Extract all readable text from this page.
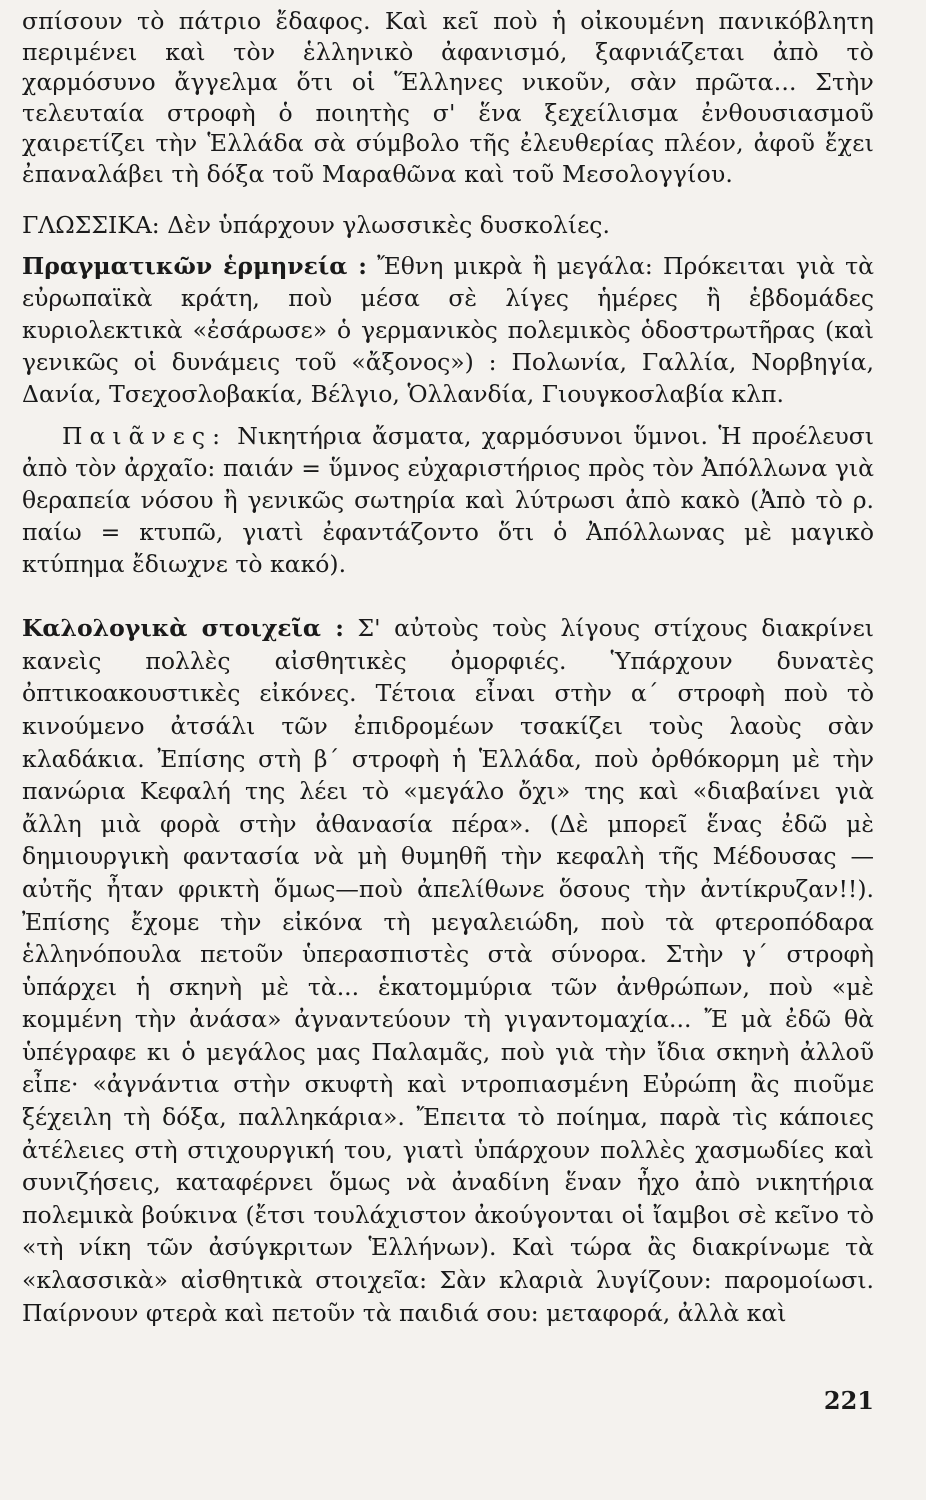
σπίσουν τὸ πάτριο ἔδαφος. Καὶ κεῖ ποὺ ἡ οἰκουμένη πανικόβλητη περιμένει καὶ τὸν ἑλληνικὸ ἀφανισμό, ξαφνιάζεται ἀπὸ τὸ χαρμόσυνο ἄγγελμα ὅτι οἱ Ἕλληνες νικοῦν, σὰν πρῶτα... Στὴν τελευταία στροφὴ ὁ ποιητὴς σ' ἕνα ξεχείλισμα ἐνθουσιασμοῦ χαιρετίζει τὴν Ἑλλάδα σὰ σύμβολο τῆς ἐλευθερίας πλέον, ἀφοῦ ἔχει ἐπαναλάβει τὴ δόξα τοῦ Μαραθῶνα καὶ τοῦ Μεσολογγίου.

ΓΛΩΣΣΙΚΑ: Δὲν ὑπάρχουν γλωσσικὲς δυσκολίες.

Πραγματικῶν ἑρμηνεία : Ἔθνη μικρὰ ἢ μεγάλα: Πρόκειται γιὰ τὰ εὐρωπαϊκὰ κράτη, ποὺ μέσα σὲ λίγες ἡμέρες ἢ ἑβδομάδες κυριολεκτικὰ «ἐσάρωσε» ὁ γερμανικὸς πολεμικὸς ὁδοστρωτῆρας (καὶ γενικῶς οἱ δυνάμεις τοῦ «ἄξονος») : Πολωνία, Γαλλία, Νορβηγία, Δανία, Τσεχοσλοβακία, Βέλγιο, Ὁλλανδία, Γιουγκοσλαβία κλπ.

Παιᾶνες: Νικητήρια ἄσματα, χαρμόσυνοι ὕμνοι. Ἡ προέλευσι ἀπὸ τὸν ἀρχαῖο: παιάν = ὕμνος εὐχαριστήριος πρὸς τὸν Ἀπόλλωνα γιὰ θεραπεία νόσου ἢ γενικῶς σωτηρία καὶ λύτρωσι ἀπὸ κακὸ (Ἀπὸ τὸ ρ. παίω = κτυπῶ, γιατὶ ἐφαντάζοντο ὅτι ὁ Ἀπόλλωνας μὲ μαγικὸ κτύπημα ἔδιωχνε τὸ κακό).

Καλολογικὰ στοιχεῖα : Σ' αὐτοὺς τοὺς λίγους στίχους διακρίνει κανεὶς πολλὲς αἰσθητικὲς ὀμορφιές. Ὑπάρχουν δυνατὲς ὀπτικοακουστικὲς εἰκόνες. Τέτοια εἶναι στὴν α΄ στροφὴ ποὺ τὸ κινούμενο ἀτσάλι τῶν ἐπιδρομέων τσακίζει τοὺς λαοὺς σὰν κλαδάκια. Ἐπίσης στὴ β΄ στροφὴ ἡ Ἑλλάδα, ποὺ ὀρθόκορμη μὲ τὴν πανώρια Κεφαλή της λέει τὸ «μεγάλο ὄχι» της καὶ «διαβαίνει γιὰ ἄλλη μιὰ φορὰ στὴν ἀθανασία πέρα». (Δὲ μπορεῖ ἕνας ἐδῶ μὲ δημιουργικὴ φαντασία νὰ μὴ θυμηθῆ τὴν κεφαλὴ τῆς Μέδουσας —αὐτῆς ἦταν φρικτὴ ὅμως—ποὺ ἀπελίθωνε ὅσους τὴν ἀντίκρυζαν!!). Ἐπίσης ἔχομε τὴν εἰκόνα τὴ μεγαλειώδη, ποὺ τὰ φτεροπόδαρα ἑλληνόπουλα πετοῦν ὑπερασπιστὲς στὰ σύνορα. Στὴν γ΄ στροφὴ ὑπάρχει ἡ σκηνὴ μὲ τὰ... ἑκατομμύρια τῶν ἀνθρώπων, ποὺ «μὲ κομμένη τὴν ἀνάσα» ἀγναντεύουν τὴ γιγαντομαχία... Ἔ μὰ ἐδῶ θὰ ὑπέγραφε κι ὁ μεγάλος μας Παλαμᾶς, ποὺ γιὰ τὴν ἴδια σκηνὴ ἀλλοῦ εἶπε· «ἀγνάντια στὴν σκυφτὴ καὶ ντροπιασμένη Εὐρώπη ἂς πιοῦμε ξέχειλη τὴ δόξα, παλληκάρια». Ἔπειτα τὸ ποίημα, παρὰ τὶς κάποιες ἀτέλειες στὴ στιχουργική του, γιατὶ ὑπάρχουν πολλὲς χασμωδίες καὶ συνιζήσεις, καταφέρνει ὅμως νὰ ἀναδίνη ἕναν ἦχο ἀπὸ νικητήρια πολεμικὰ βούκινα (ἔτσι τουλάχιστον ἀκούγονται οἱ ἴαμβοι σὲ κεῖνο τὸ «τὴ νίκη τῶν ἀσύγκριτων Ἑλλήνων). Καὶ τώρα ἂς διακρίνωμε τὰ «κλασσικὰ» αἰσθητικὰ στοιχεῖα: Σὰν κλαριὰ λυγίζουν: παρομοίωσι. Παίρνουν φτερὰ καὶ πετοῦν τὰ παιδιά σου: μεταφορά, ἀλλὰ καὶ

221
